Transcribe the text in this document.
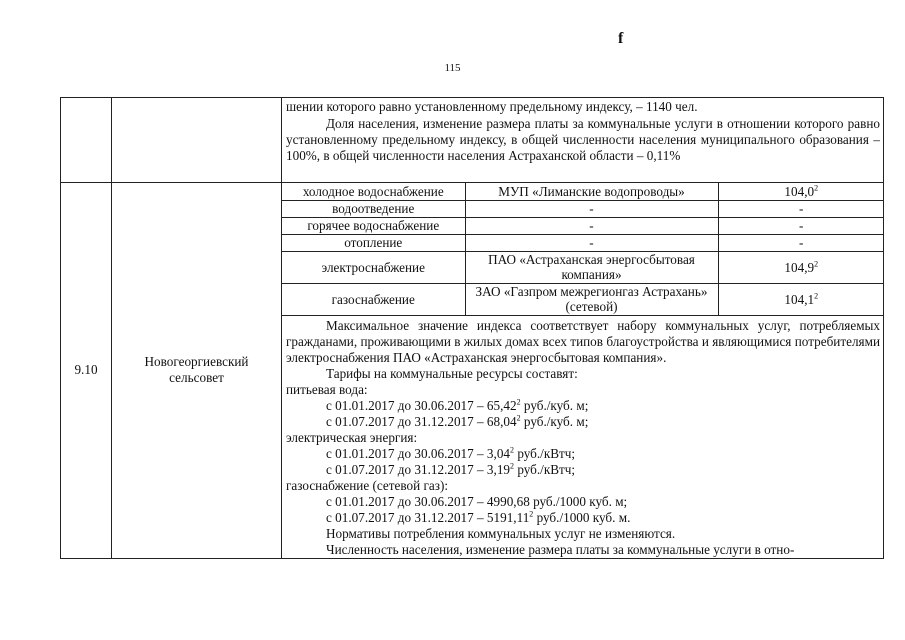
f
115

шении которого равно установленному предельному индексу, – 1140 чел.
Доля населения, изменение размера платы за коммунальные услуги в отношении которого равно установленному предельному индексу, в общей численности населения муниципального образования – 100%, в общей численности населения Астраханской области – 0,11%

9.10	Новогеоргиевский сельсовет	
холодное водоснабжение	МУП «Лиманские водопроводы»	104,0$^2$
водоотведение	-	-
горячее водоснабжение	-	-
отопление	-	-
электроснабжение	ПАО «Астраханская энергосбытовая компания»	104,9$^2$
газоснабжение	ЗАО «Газпром межрегионгаз Астрахань» (сетевой)	104,1$^2$
Максимальное значение индекса соответствует набору коммунальных услуг, потребляемых гражданами, проживающими в жилых домах всех типов благоустройства и являющимися потребителями электроснабжения ПАО «Астраханская энергосбытовая компания».
Тарифы на коммунальные ресурсы составят:
питьевая вода:
с 01.01.2017 до 30.06.2017 – 65,42$^2$ руб./куб. м;
с 01.07.2017 до 31.12.2017 – 68,04$^2$ руб./куб. м;
электрическая энергия:
с 01.01.2017 до 30.06.2017 – 3,04$^2$ руб./кВтч;
с 01.07.2017 до 31.12.2017 – 3,19$^2$ руб./кВтч;
газоснабжение (сетевой газ):
с 01.01.2017 до 30.06.2017 – 4990,68 руб./1000 куб. м;
с 01.07.2017 до 31.12.2017 – 5191,11$^2$ руб./1000 куб. м.
Нормативы потребления коммунальных услуг не изменяются.
Численность населения, изменение размера платы за коммунальные услуги в отно-
